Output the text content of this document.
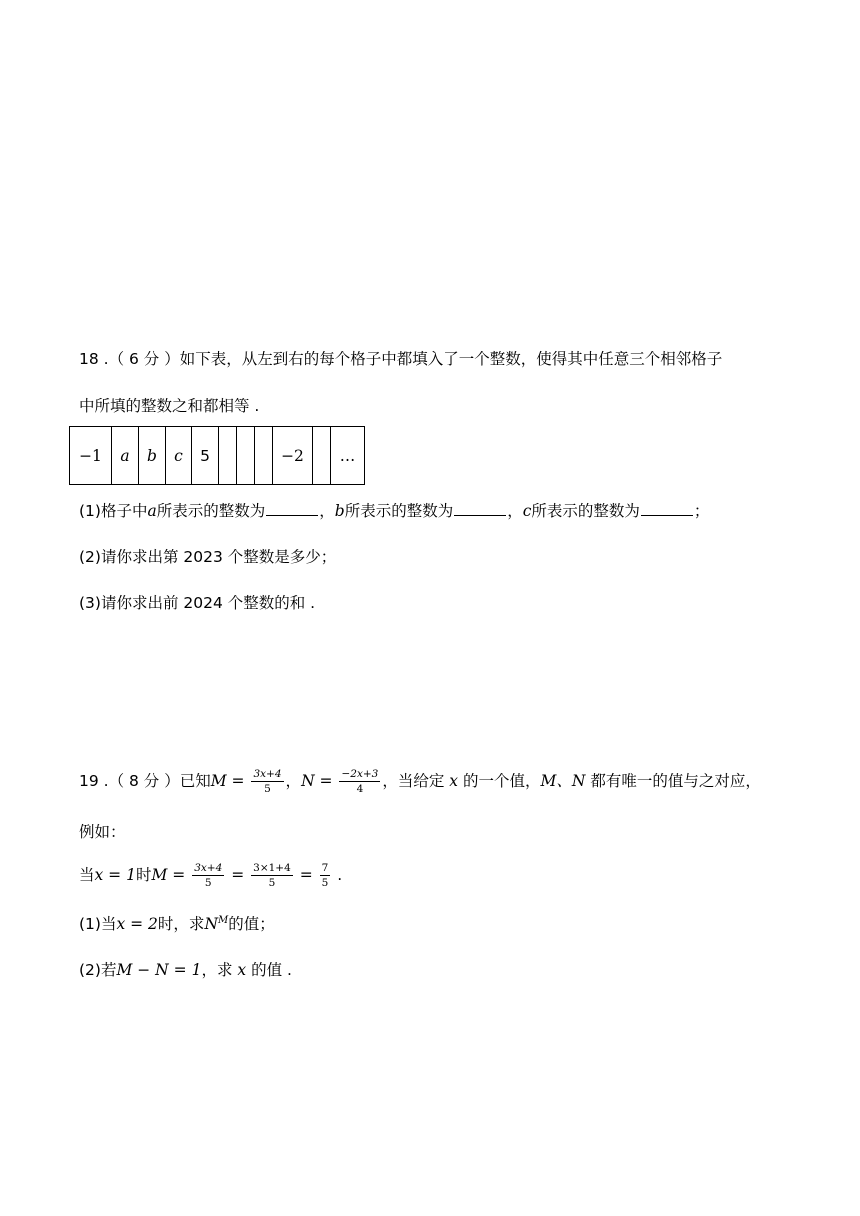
18 .（ 6 分 ）如下表，从左到右的每个格子中都填入了一个整数，使得其中任意三个相邻格子
中所填的整数之和都相等 .
−1	a	b	c	5				−2		…
(1)格子中a所表示的整数为	，b所表示的整数为	，c所表示的整数为	；
(2)请你求出第 2023 个整数是多少；
(3)请你求出前 2024 个整数的和 .
19 .（ 8 分 ）已知$M = \frac{3x+4}{5}$ ，$N = \frac{-2x+3}{4}$ ，当给定 x 的一个值，M、N 都有唯一的值与之对应，
例如：
当x = 1时$M = \frac{3x+4}{5} = \frac{3\times 1+4}{5} = \frac{7}{5}$ .
(1)当x = 2时，求$N^M$的值；
(2)若M − N = 1，求 x 的值 .
